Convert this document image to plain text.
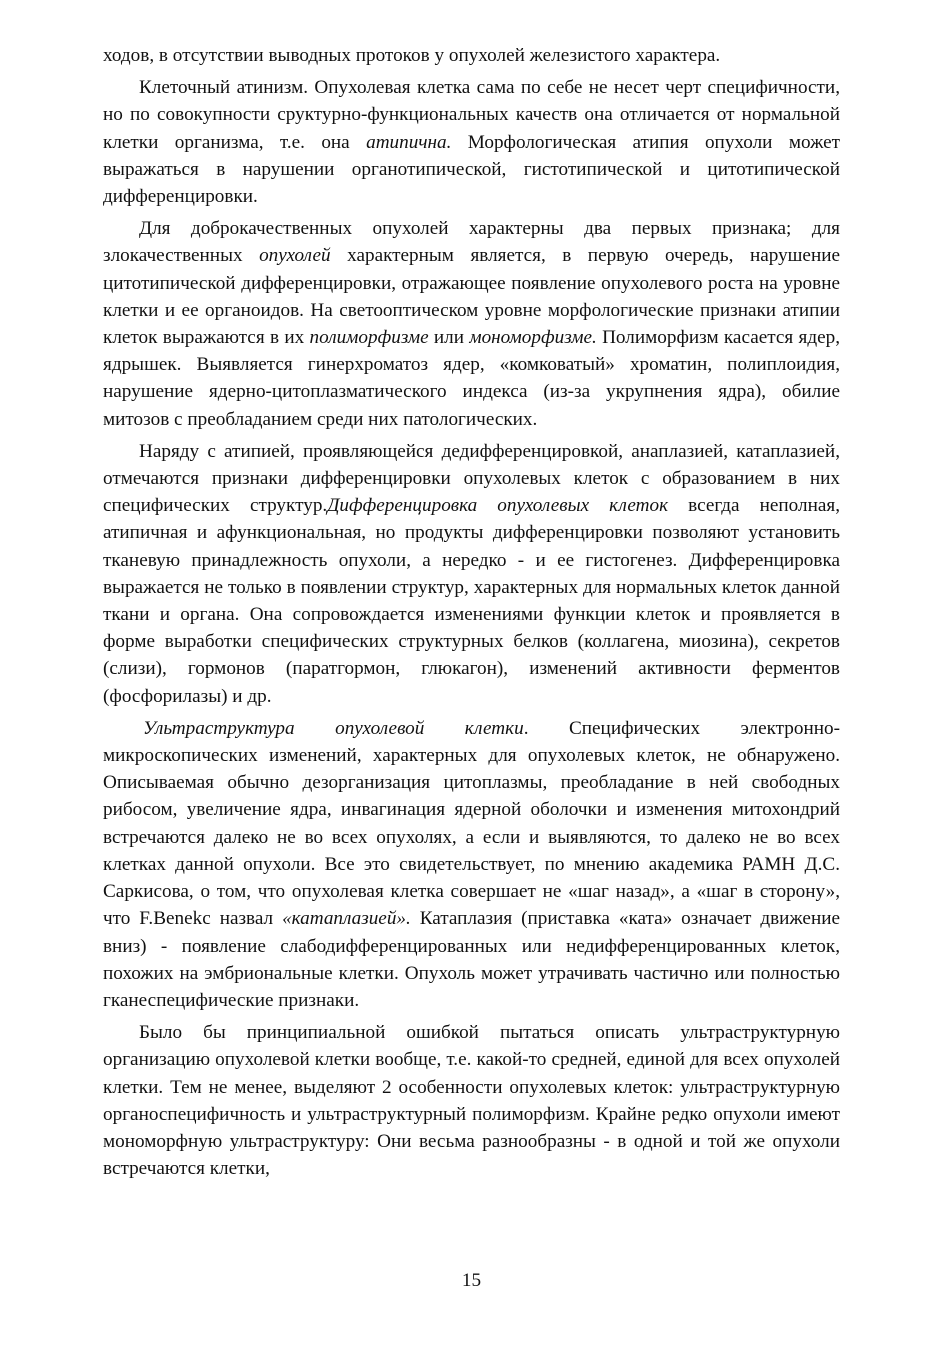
ходов, в отсутствии выводных протоков у опухолей железистого характера.

Клеточный атинизм. Опухолевая клетка сама по себе не несет черт специфичности, но по совокупности сруктурно-функциональных качеств она отличается от нормальной клетки организма, т.е. она атипична. Морфологическая атипия опухоли может выражаться в нарушении органотипической, гистотипической и цитотипической дифференцировки.

Для доброкачественных опухолей характерны два первых признака; для злокачественных опухолей характерным является, в первую очередь, нарушение цитотипической дифференцировки, отражающее появление опухолевого роста на уровне клетки и ее органоидов. На светооптическом уровне морфологические признаки атипии клеток выражаются в их полиморфизме или мономорфизме. Полиморфизм касается ядер, ядрышек. Выявляется гинерхроматоз ядер, «комковатый» хроматин, полиплоидия, нарушение ядерно-цитоплазматического индекса (из-за укрупнения ядра), обилие митозов с преобладанием среди них патологических.

Наряду с атипией, проявляющейся дедифференцировкой, анаплазией, катаплазией, отмечаются признаки дифференцировки опухолевых клеток с образованием в них специфических структур.Дифференцировка опухолевых клеток всегда неполная, атипичная и афункциональная, но продукты дифференцировки позволяют установить тканевую принадлежность опухоли, а нередко - и ее гистогенез. Дифференцировка выражается не только в появлении структур, характерных для нормальных клеток данной ткани и органа. Она сопровождается изменениями функции клеток и проявляется в форме выработки специфических структурных белков (коллагена, миозина), секретов (слизи), гормонов (паратгормон, глюкагон), изменений активности ферментов (фосфорилазы) и др.

Ультраструктура опухолевой клетки. Специфических электронно-микроскопических изменений, характерных для опухолевых клеток, не обнаружено. Описываемая обычно дезорганизация цитоплазмы, преобладание в ней свободных рибосом, увеличение ядра, инвагинация ядерной оболочки и изменения митохондрий встречаются далеко не во всех опухолях, а если и выявляются, то далеко не во всех клетках данной опухоли. Все это свидетельствует, по мнению академика РАМН Д.С. Саркисова, о том, что опухолевая клетка совершает не «шаг назад», а «шаг в сторону», что F.Benekc назвал «катаплазией». Катаплазия (приставка «ката» означает движение вниз) - появление слабодифференцированных или недифференцированных клеток, похожих на эмбриональные клетки. Опухоль может утрачивать частично или полностью гканеспецифические признаки.

Было бы принципиальной ошибкой пытаться описать ультраструктурную организацию опухолевой клетки вообще, т.е. какой-то средней, единой для всех опухолей клетки. Тем не менее, выделяют 2 особенности опухолевых клеток: ультраструктурную органоспецифичность и ультраструктурный полиморфизм. Крайне редко опухоли имеют мономорфную ультраструктуру: Они весьма разнообразны - в одной и той же опухоли встречаются клетки,

15
